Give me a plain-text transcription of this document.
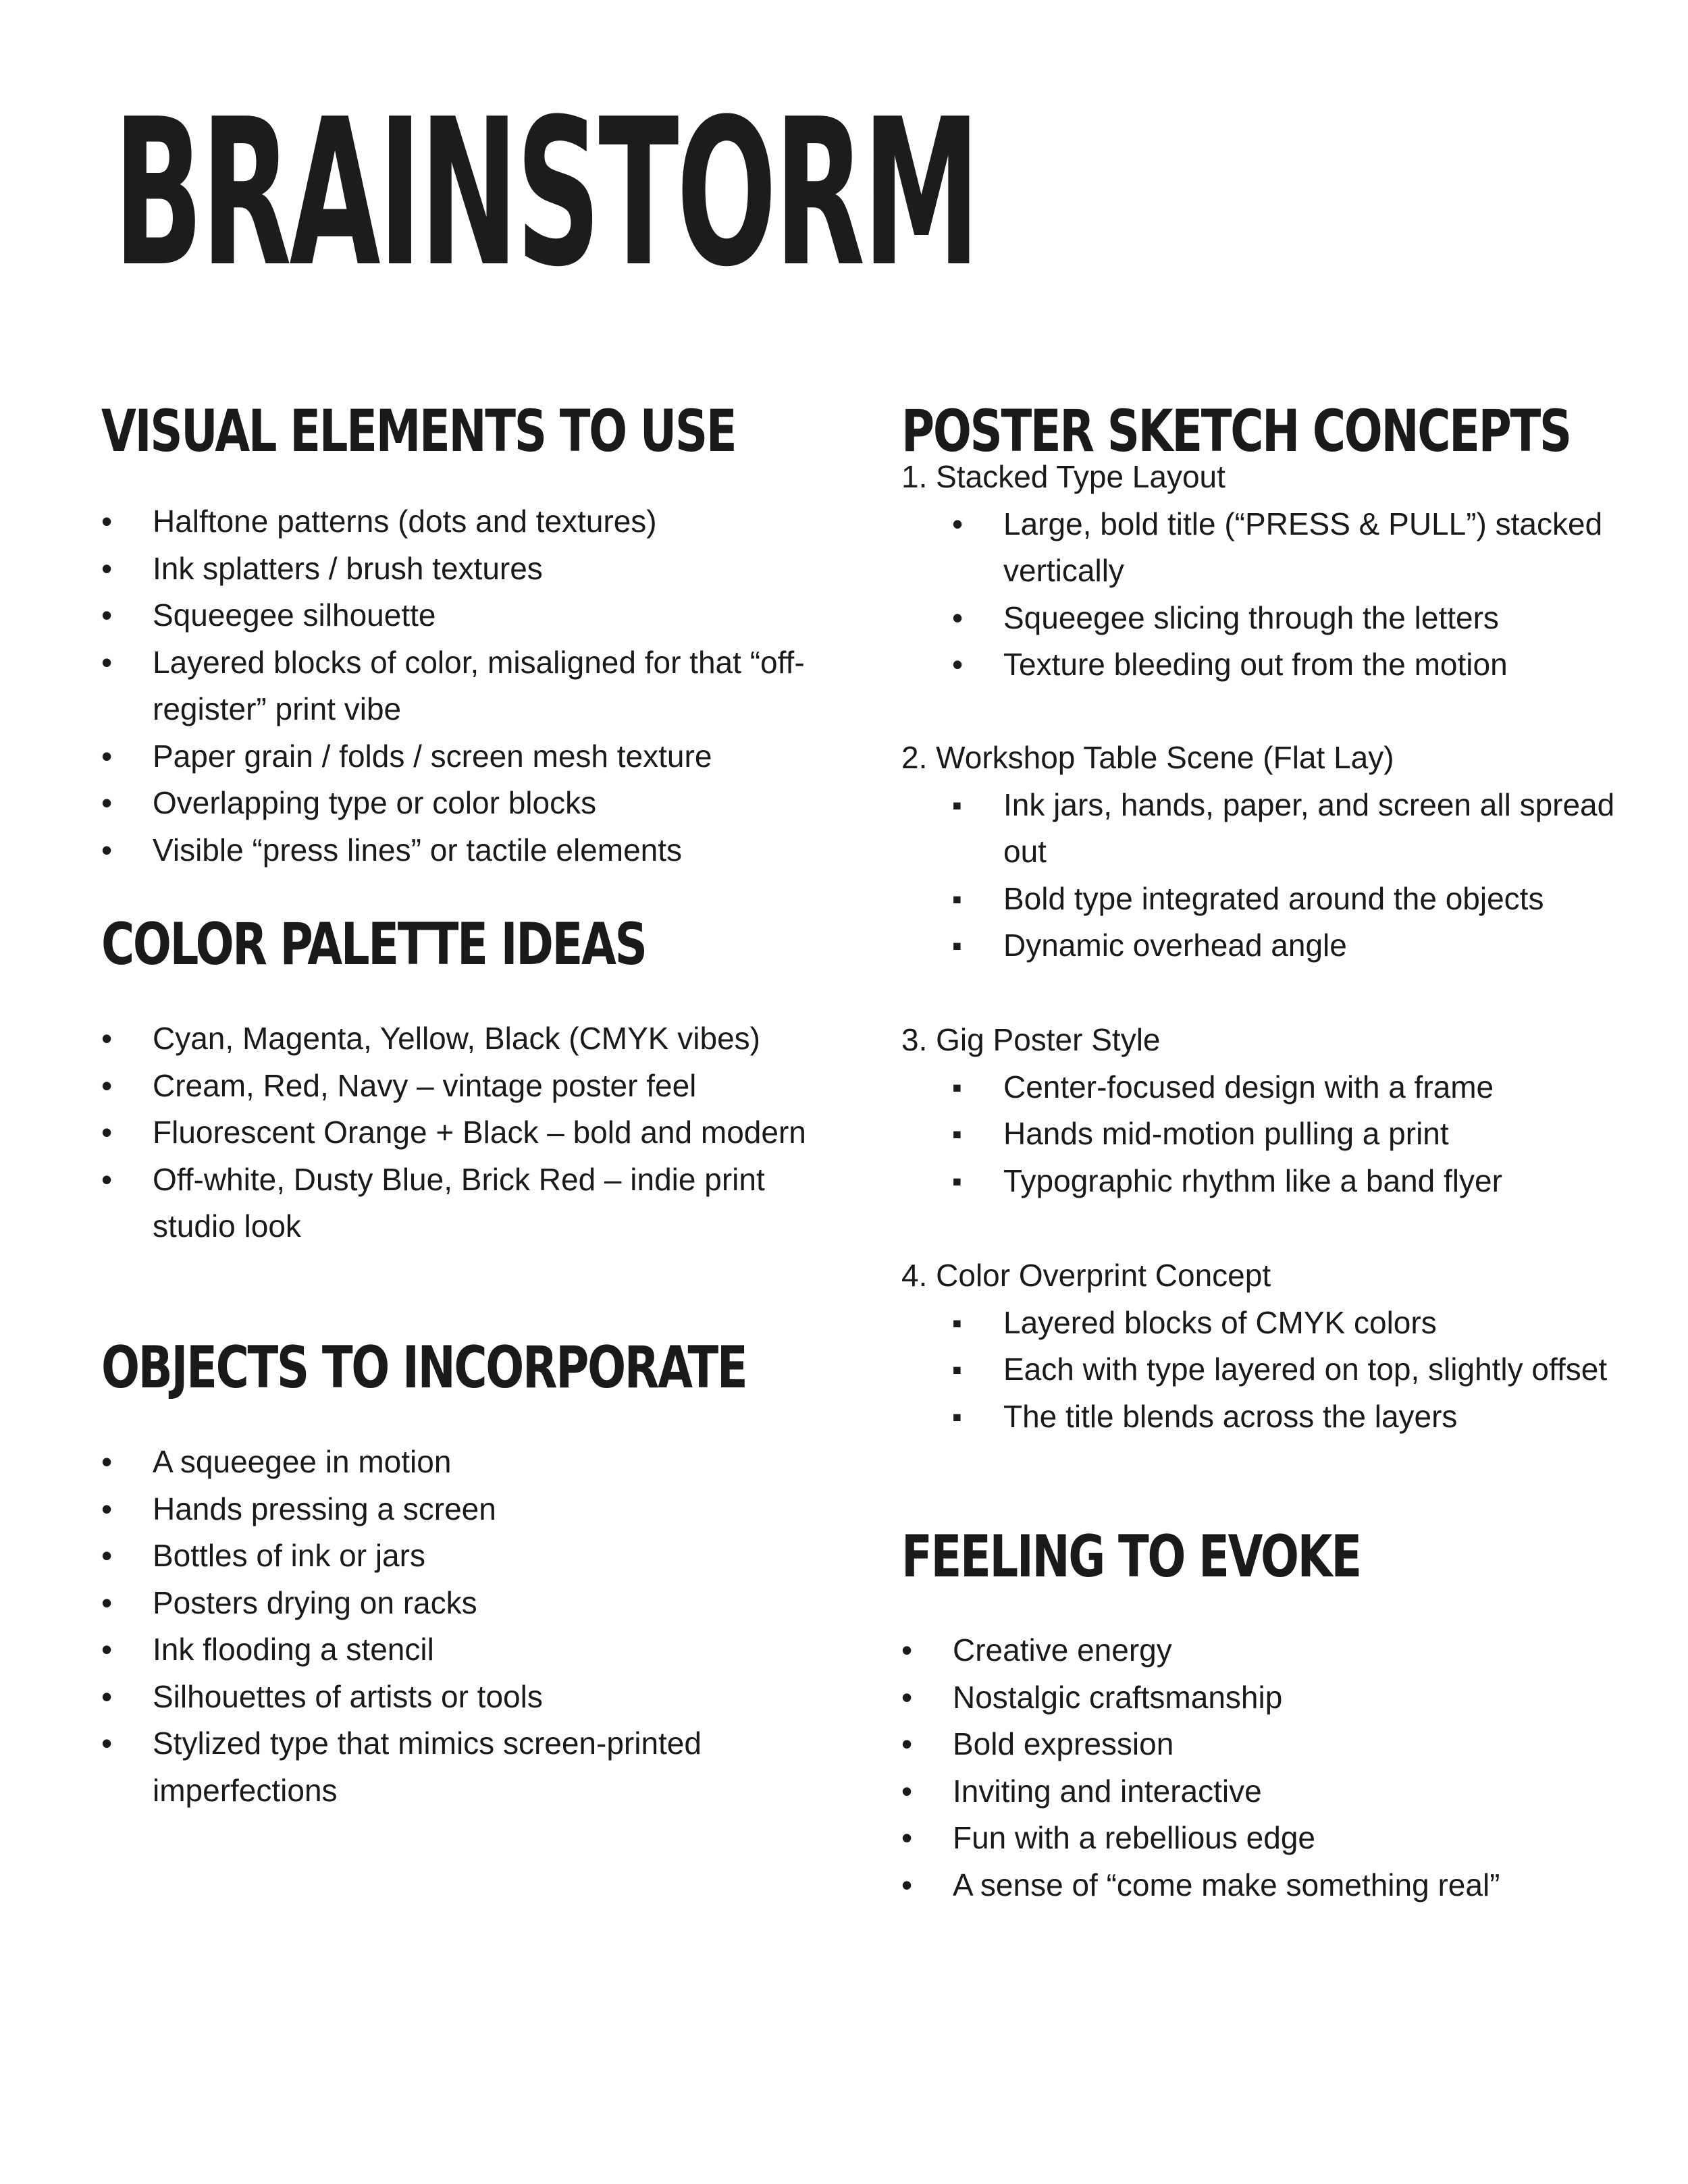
BRAINSTORM
VISUAL ELEMENTS TO USE
• Halftone patterns (dots and textures)
• Ink splatters / brush textures
• Squeegee silhouette
• Layered blocks of color, misaligned for that “off-register” print vibe
• Paper grain / folds / screen mesh texture
• Overlapping type or color blocks
• Visible “press lines” or tactile elements
COLOR PALETTE IDEAS
• Cyan, Magenta, Yellow, Black (CMYK vibes)
• Cream, Red, Navy – vintage poster feel
• Fluorescent Orange + Black – bold and modern
• Off-white, Dusty Blue, Brick Red – indie print studio look
OBJECTS TO INCORPORATE
• A squeegee in motion
• Hands pressing a screen
• Bottles of ink or jars
• Posters drying on racks
• Ink flooding a stencil
• Silhouettes of artists or tools
• Stylized type that mimics screen-printed imperfections
POSTER SKETCH CONCEPTS
1. Stacked Type Layout
• Large, bold title (“PRESS & PULL”) stacked vertically
• Squeegee slicing through the letters
• Texture bleeding out from the motion
2. Workshop Table Scene (Flat Lay)
▪ Ink jars, hands, paper, and screen all spread out
▪ Bold type integrated around the objects
▪ Dynamic overhead angle
3. Gig Poster Style
▪ Center-focused design with a frame
▪ Hands mid-motion pulling a print
▪ Typographic rhythm like a band flyer
4. Color Overprint Concept
▪ Layered blocks of CMYK colors
▪ Each with type layered on top, slightly offset
▪ The title blends across the layers
FEELING TO EVOKE
• Creative energy
• Nostalgic craftsmanship
• Bold expression
• Inviting and interactive
• Fun with a rebellious edge
• A sense of “come make something real”
